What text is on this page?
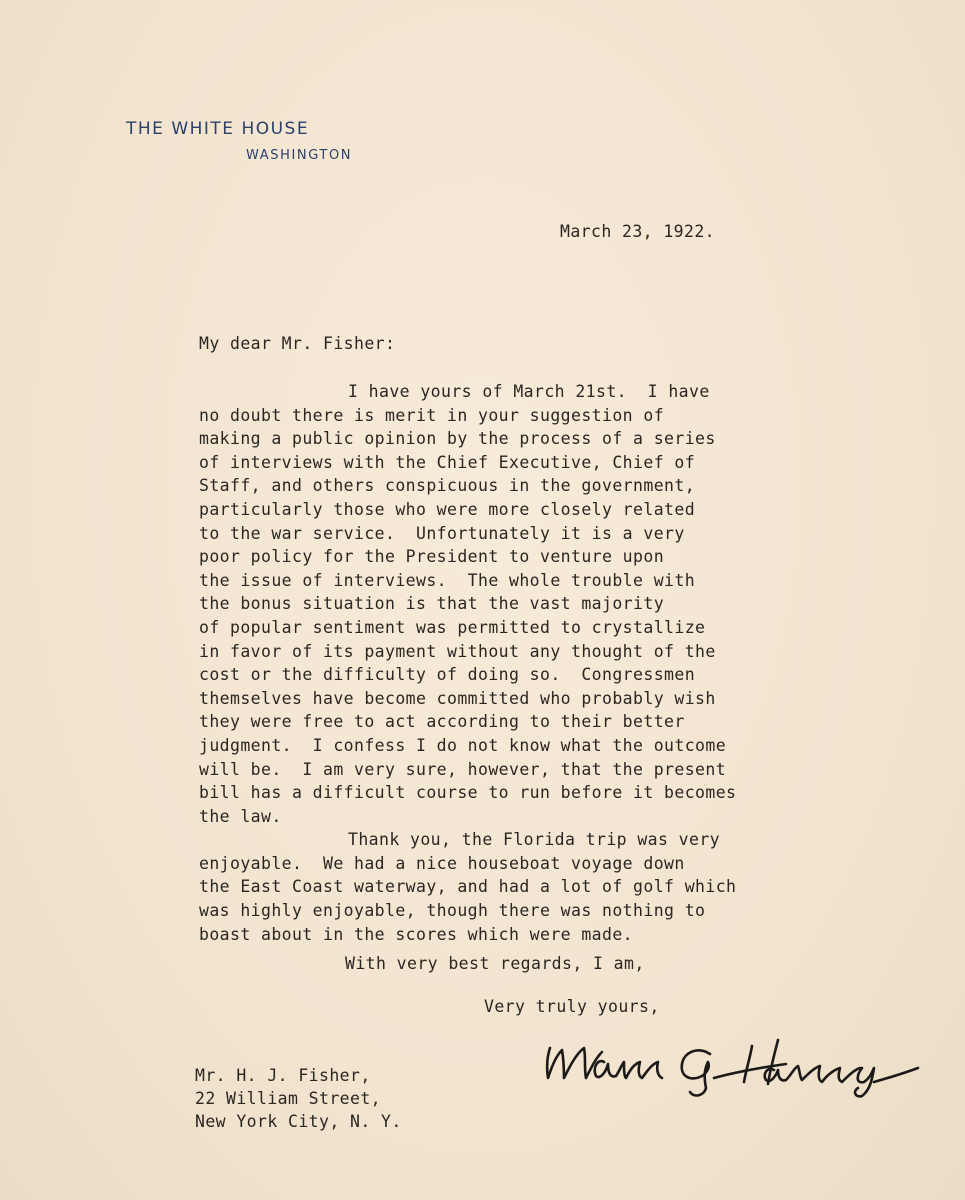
THE WHITE HOUSE
WASHINGTON
March 23, 1922.
My dear Mr. Fisher:
I have yours of March 21st.  I have
no doubt there is merit in your suggestion of
making a public opinion by the process of a series
of interviews with the Chief Executive, Chief of
Staff, and others conspicuous in the government,
particularly those who were more closely related
to the war service.  Unfortunately it is a very
poor policy for the President to venture upon
the issue of interviews.  The whole trouble with
the bonus situation is that the vast majority
of popular sentiment was permitted to crystallize
in favor of its payment without any thought of the
cost or the difficulty of doing so.  Congressmen
themselves have become committed who probably wish
they were free to act according to their better
judgment.  I confess I do not know what the outcome
will be.  I am very sure, however, that the present
bill has a difficult course to run before it becomes
the law.
Thank you, the Florida trip was very
enjoyable.  We had a nice houseboat voyage down
the East Coast waterway, and had a lot of golf which
was highly enjoyable, though there was nothing to
boast about in the scores which were made.
With very best regards, I am,
Very truly yours,
Mr. H. J. Fisher,
22 William Street,
New York City, N. Y.
